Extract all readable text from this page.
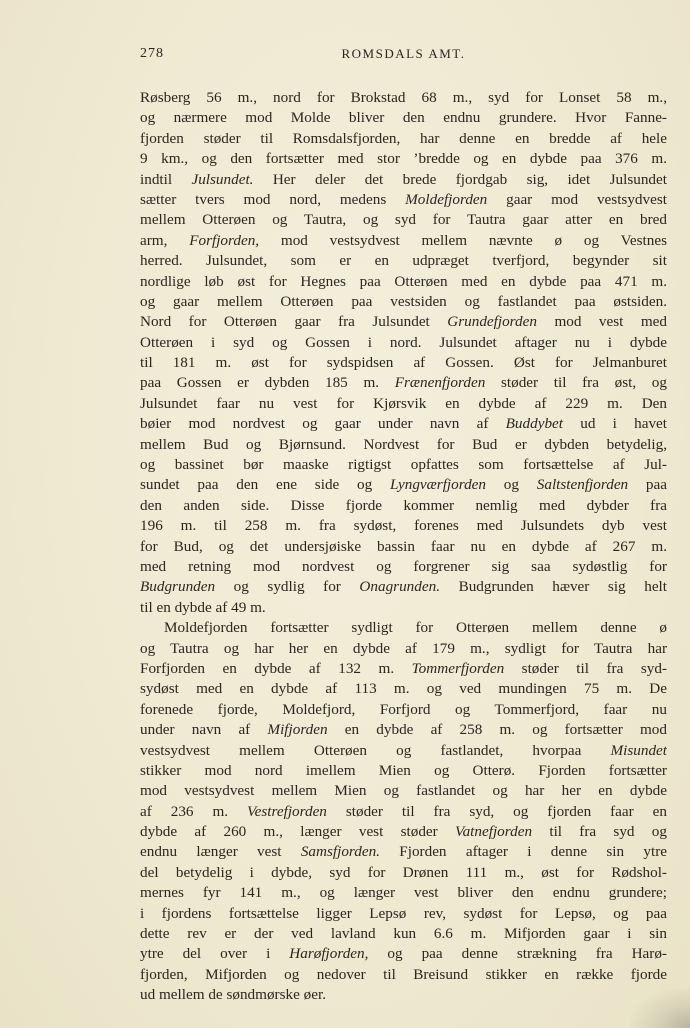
278	ROMSDALS AMT.
Røsberg 56 m., nord for Brokstad 68 m., syd for Lonset 58 m.,
og nærmere mod Molde bliver den endnu grundere. Hvor Fanne-
fjorden støder til Romsdalsfjorden, har denne en bredde af hele
9 km., og den fortsætter med stor ’bredde og en dybde paa 376 m.
indtil Julsundet. Her deler det brede fjordgab sig, idet Julsundet
sætter tvers mod nord, medens Moldefjorden gaar mod vestsydvest
mellem Otterøen og Tautra, og syd for Tautra gaar atter en bred
arm, Forfjorden, mod vestsydvest mellem nævnte ø og Vestnes
herred. Julsundet, som er en udpræget tverfjord, begynder sit
nordlige løb øst for Hegnes paa Otterøen med en dybde paa 471 m.
og gaar mellem Otterøen paa vestsiden og fastlandet paa østsiden.
Nord for Otterøen gaar fra Julsundet Grundefjorden mod vest med
Otterøen i syd og Gossen i nord. Julsundet aftager nu i dybde
til 181 m. øst for sydspidsen af Gossen. Øst for Jelmanburet
paa Gossen er dybden 185 m. Frænenfjorden støder til fra øst, og
Julsundet faar nu vest for Kjørsvik en dybde af 229 m. Den
bøier mod nordvest og gaar under navn af Buddybet ud i havet
mellem Bud og Bjørnsund. Nordvest for Bud er dybden betydelig,
og bassinet bør maaske rigtigst opfattes som fortsættelse af Jul-
sundet paa den ene side og Lyngværfjorden og Saltstenfjorden paa
den anden side. Disse fjorde kommer nemlig med dybder fra
196 m. til 258 m. fra sydøst, forenes med Julsundets dyb vest
for Bud, og det undersjøiske bassin faar nu en dybde af 267 m.
med retning mod nordvest og forgrener sig saa sydøstlig for
Budgrunden og sydlig for Onagrunden. Budgrunden hæver sig helt
til en dybde af 49 m.
Moldefjorden fortsætter sydligt for Otterøen mellem denne ø
og Tautra og har her en dybde af 179 m., sydligt for Tautra har
Forfjorden en dybde af 132 m. Tommerfjorden støder til fra syd-
sydøst med en dybde af 113 m. og ved mundingen 75 m. De
forenede fjorde, Moldefjord, Forfjord og Tommerfjord, faar nu
under navn af Mifjorden en dybde af 258 m. og fortsætter mod
vestsydvest mellem Otterøen og fastlandet, hvorpaa Misundet
stikker mod nord imellem Mien og Otterø. Fjorden fortsætter
mod vestsydvest mellem Mien og fastlandet og har her en dybde
af 236 m. Vestrefjorden støder til fra syd, og fjorden faar en
dybde af 260 m., længer vest støder Vatnefjorden til fra syd og
endnu længer vest Samsfjorden. Fjorden aftager i denne sin ytre
del betydelig i dybde, syd for Drønen 111 m., øst for Rødshol-
mernes fyr 141 m., og længer vest bliver den endnu grundere;
i fjordens fortsættelse ligger Lepsø rev, sydøst for Lepsø, og paa
dette rev er der ved lavland kun 6.6 m. Mifjorden gaar i sin
ytre del over i Harøfjorden, og paa denne strækning fra Harø-
fjorden, Mifjorden og nedover til Breisund stikker en række fjorde
ud mellem de søndmørske øer.
